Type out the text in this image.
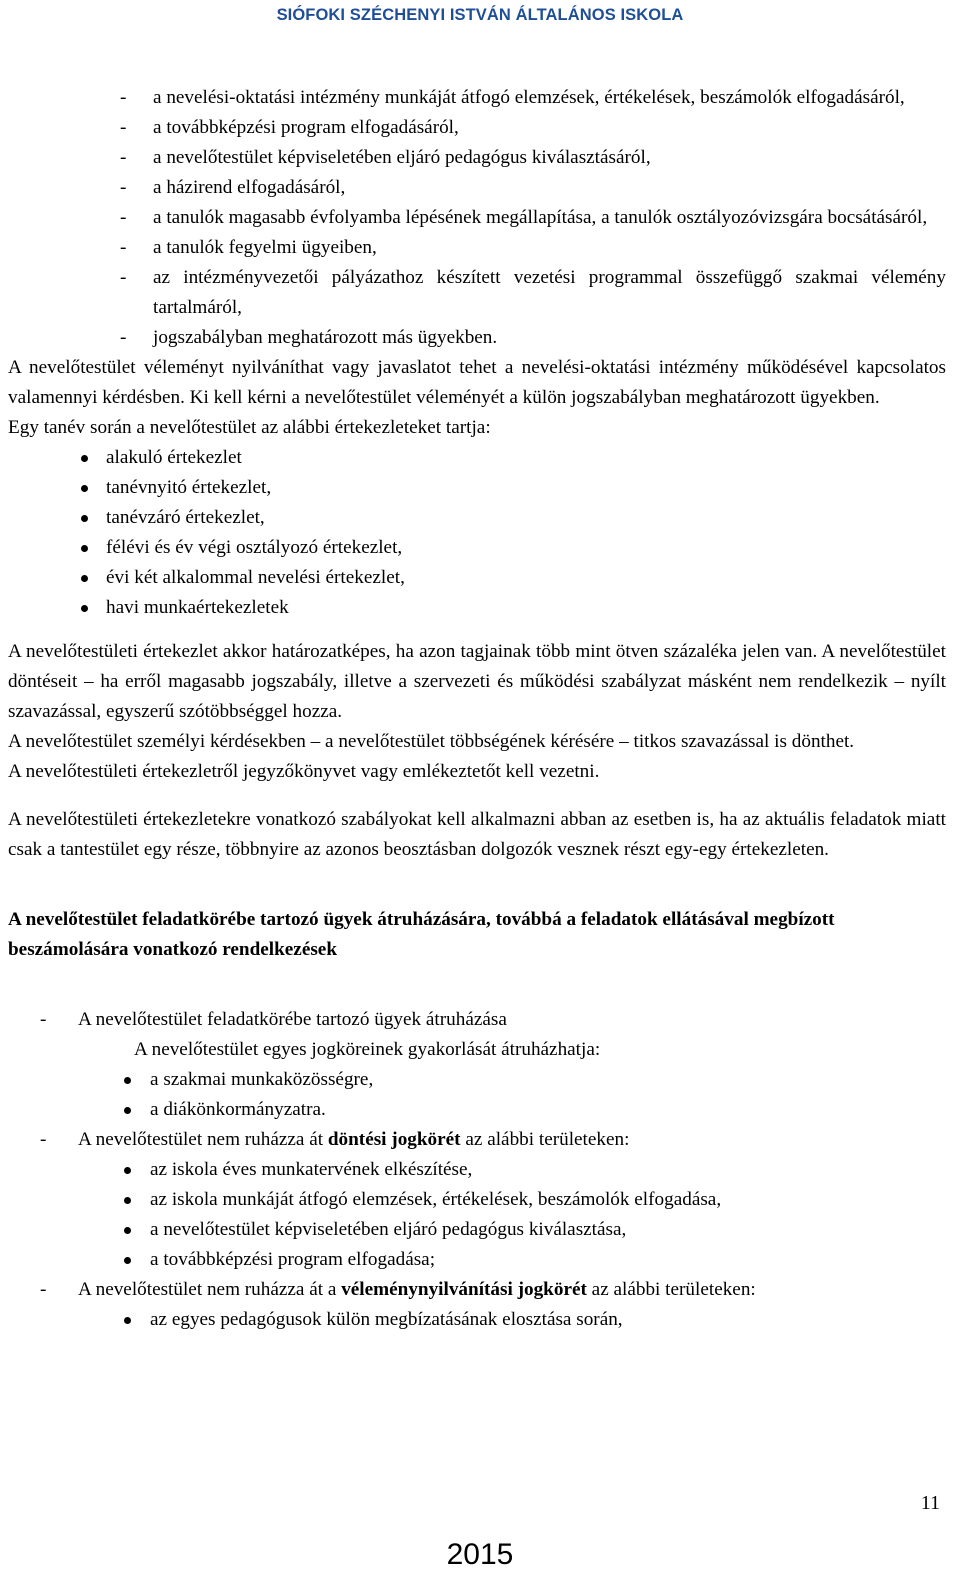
SIÓFOKI SZÉCHENYI ISTVÁN ÁLTALÁNOS ISKOLA
- a nevelési-oktatási intézmény munkáját átfogó elemzések, értékelések, beszámolók elfogadásáról,
- a továbbképzési program elfogadásáról,
- a nevelőtestület képviseletében eljáró pedagógus kiválasztásáról,
- a házirend elfogadásáról,
- a tanulók magasabb évfolyamba lépésének megállapítása, a tanulók osztályozóvizsgára bocsátásáról,
- a tanulók fegyelmi ügyeiben,
- az intézményvezetői pályázathoz készített vezetési programmal összefüggő szakmai vélemény tartalmáról,
- jogszabályban meghatározott más ügyekben.

A nevelőtestület véleményt nyilváníthat vagy javaslatot tehet a nevelési-oktatási intézmény működésével kapcsolatos valamennyi kérdésben. Ki kell kérni a nevelőtestület véleményét a külön jogszabályban meghatározott ügyekben.

Egy tanév során a nevelőtestület az alábbi értekezleteket tartja:

alakuló értekezlet
tanévnyitó értekezlet,
tanévzáró értekezlet,
félévi és év végi osztályozó értekezlet,
évi két alkalommal nevelési értekezlet,
havi munkaértekezletek

A nevelőtestületi értekezlet akkor határozatképes, ha azon tagjainak több mint ötven százaléka jelen van. A nevelőtestület döntéseit – ha erről magasabb jogszabály, illetve a szervezeti és működési szabályzat másként nem rendelkezik – nyílt szavazással, egyszerű szótöbbséggel hozza.

A nevelőtestület személyi kérdésekben – a nevelőtestület többségének kérésére – titkos szavazással is dönthet.

A nevelőtestületi értekezletről jegyzőkönyvet vagy emlékeztetőt kell vezetni.

A nevelőtestületi értekezletekre vonatkozó szabályokat kell alkalmazni abban az esetben is, ha az aktuális feladatok miatt csak a tantestület egy része, többnyire az azonos beosztásban dolgozók vesznek részt egy-egy értekezleten.

A nevelőtestület feladatkörébe tartozó ügyek átruházására, továbbá a feladatok ellátásával megbízott beszámolására vonatkozó rendelkezések

- A nevelőtestület feladatkörébe tartozó ügyek átruházása
A nevelőtestület egyes jogköreinek gyakorlását átruházhatja:
a szakmai munkaközösségre,
a diákönkormányzatra.
- A nevelőtestület nem ruházza át döntési jogkörét az alábbi területeken:
az iskola éves munkatervének elkészítése,
az iskola munkáját átfogó elemzések, értékelések, beszámolók elfogadása,
a nevelőtestület képviseletében eljáró pedagógus kiválasztása,
a továbbképzési program elfogadása;
- A nevelőtestület nem ruházza át a véleménynyilvánítási jogkörét az alábbi területeken:
az egyes pedagógusok külön megbízatásának elosztása során,
11
2015
